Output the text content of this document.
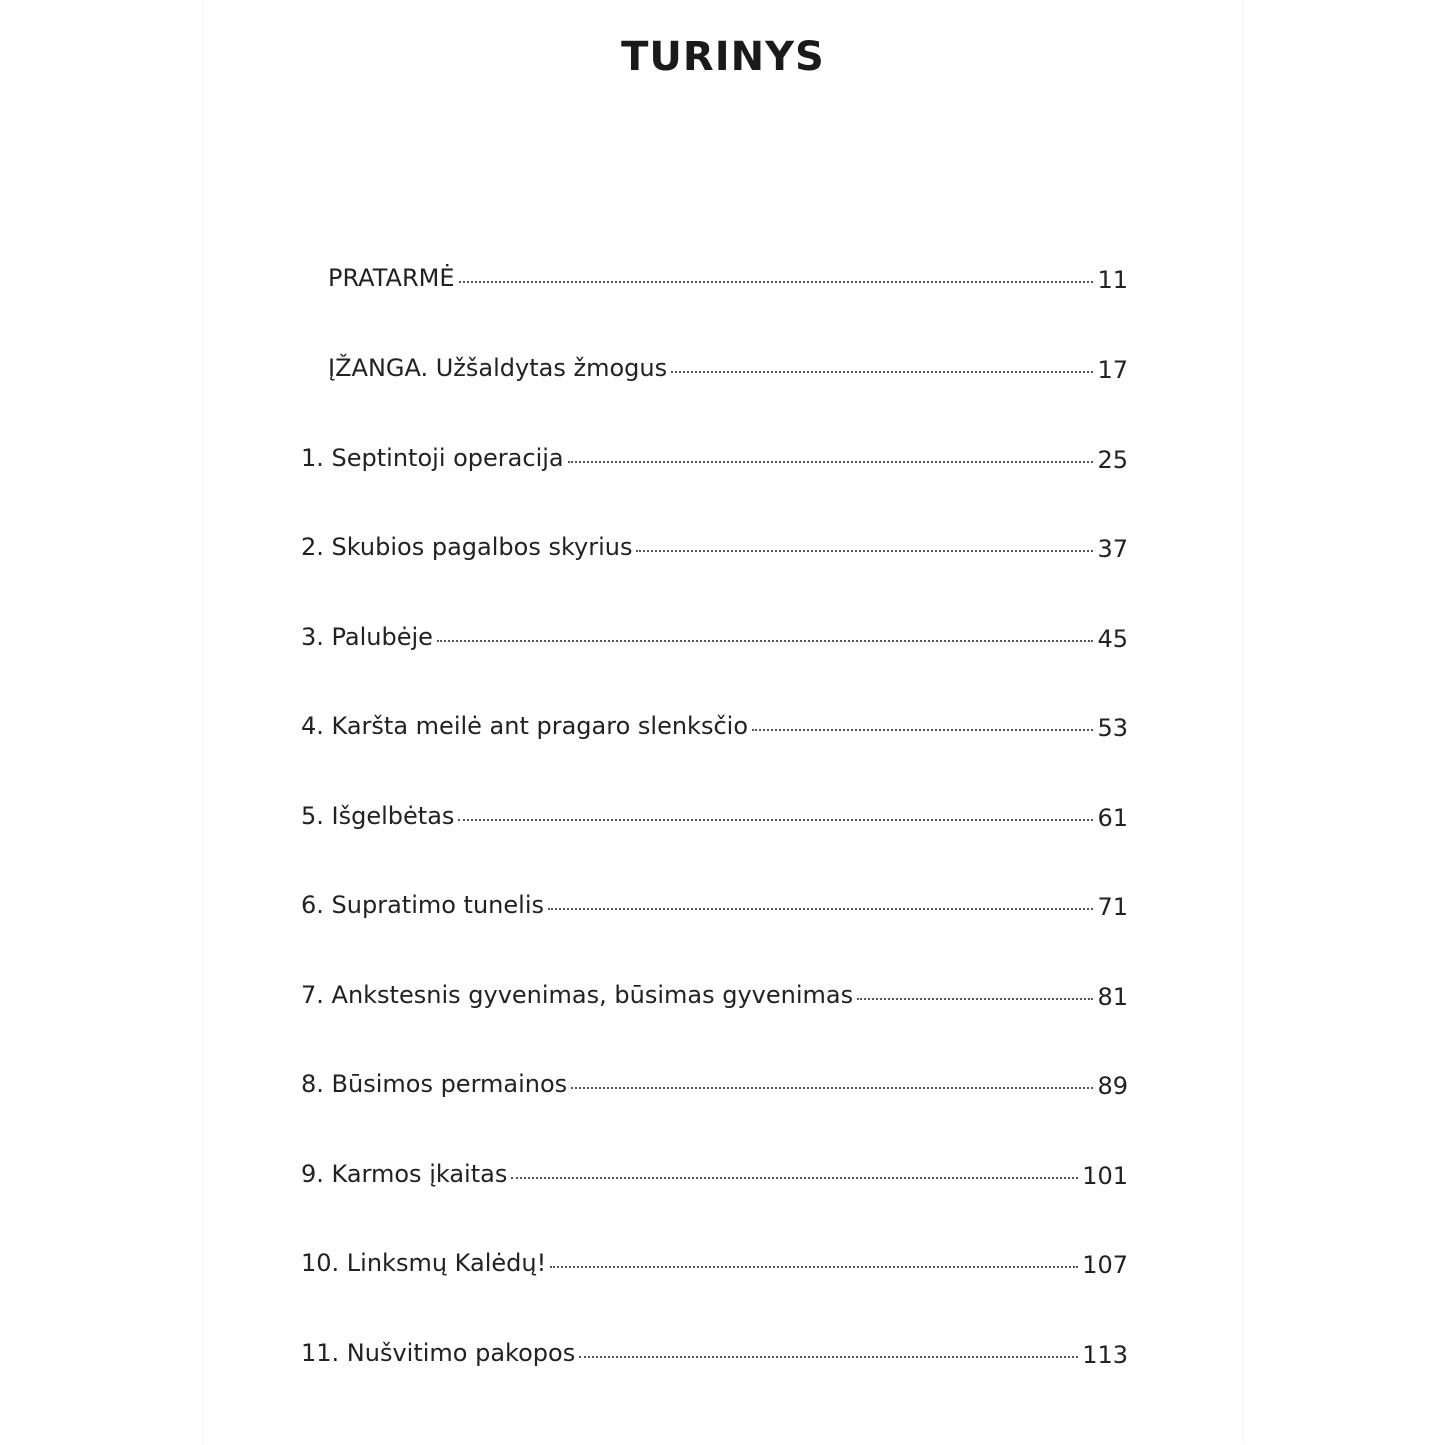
TURINYS
PRATARMĖ	11
ĮŽANGA. Užšaldytas žmogus	17
1. Septintoji operacija	25
2. Skubios pagalbos skyrius	37
3. Palubėje	45
4. Karšta meilė ant pragaro slenksčio	53
5. Išgelbėtas	61
6. Supratimo tunelis	71
7. Ankstesnis gyvenimas, būsimas gyvenimas	81
8. Būsimos permainos	89
9. Karmos įkaitas	101
10. Linksmų Kalėdų!	107
11. Nušvitimo pakopos	113
